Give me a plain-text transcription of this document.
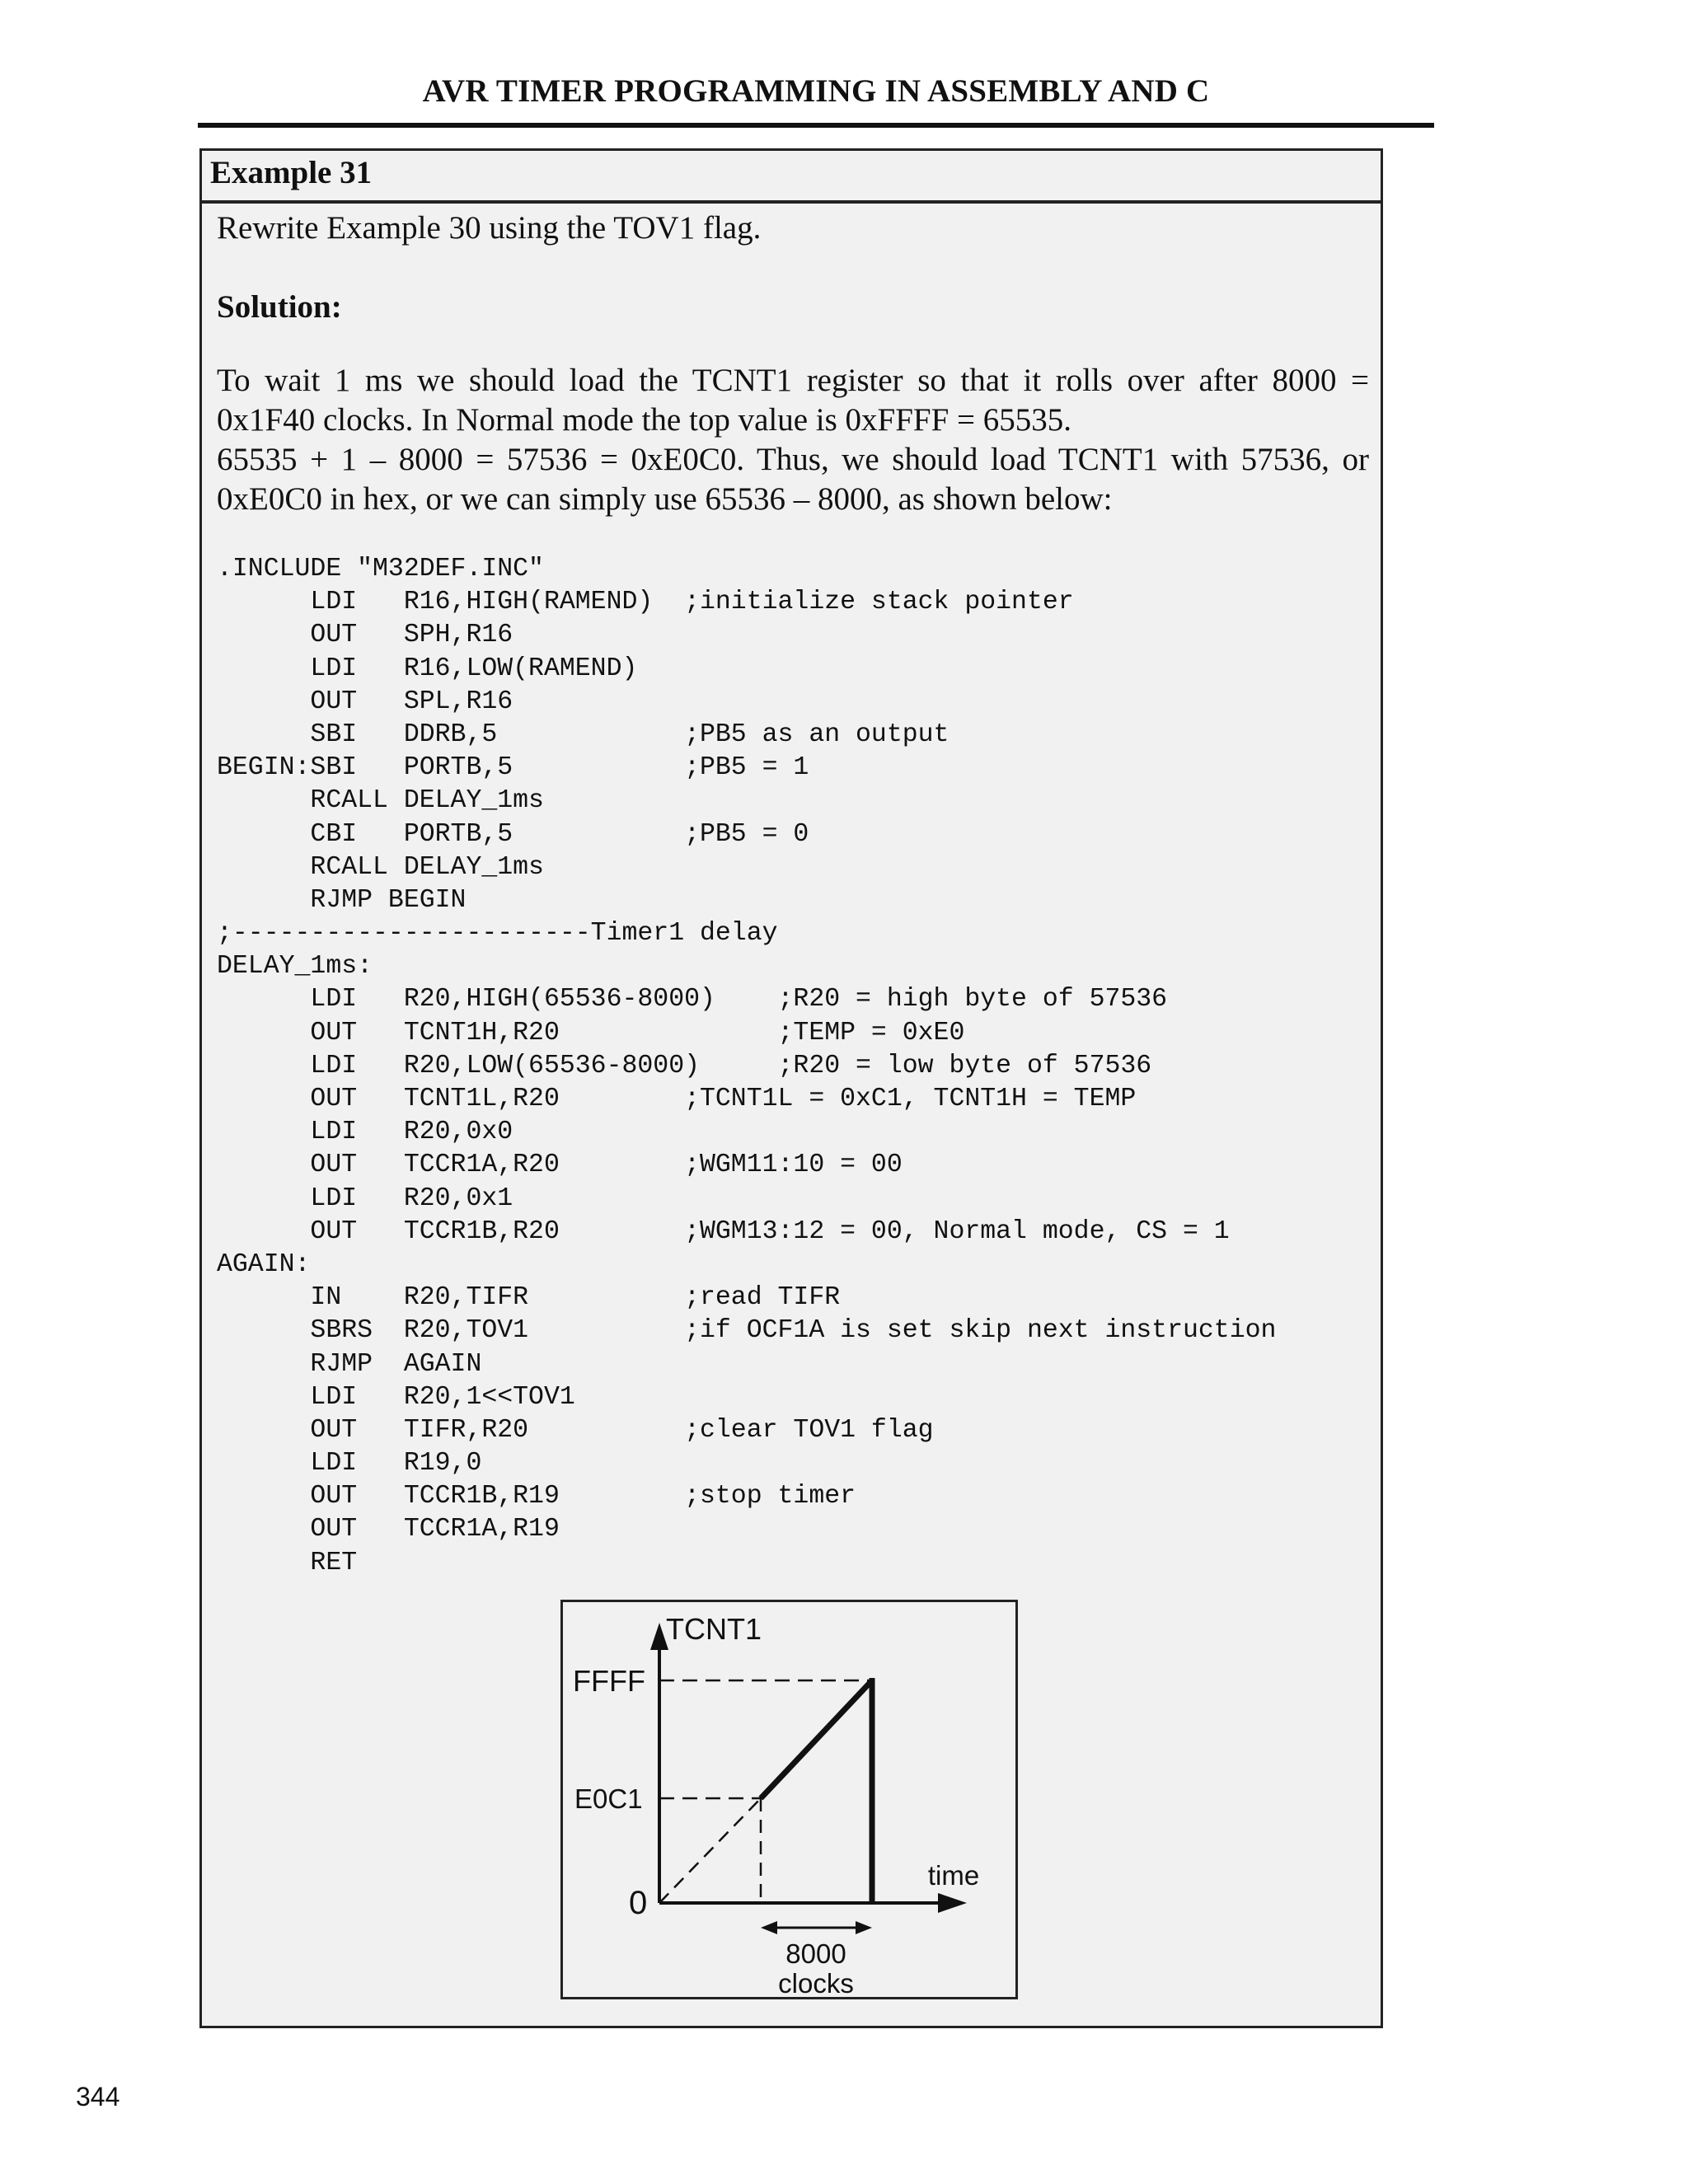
AVR TIMER PROGRAMMING IN ASSEMBLY AND C
Example 31
Rewrite Example 30 using the TOV1 flag.
Solution:
To wait 1 ms we should load the TCNT1 register so that it rolls over after 8000 =
0x1F40 clocks. In Normal mode the top value is 0xFFFF = 65535.
65535 + 1 – 8000 = 57536 = 0xE0C0. Thus, we should load TCNT1 with 57536, or
0xE0C0 in hex, or we can simply use 65536 – 8000, as shown below:
.INCLUDE "M32DEF.INC"
LDI   R16,HIGH(RAMEND)  ;initialize stack pointer
OUT   SPH,R16
LDI   R16,LOW(RAMEND)
OUT   SPL,R16
SBI   DDRB,5            ;PB5 as an output
BEGIN:SBI   PORTB,5           ;PB5 = 1
RCALL DELAY_1ms
CBI   PORTB,5           ;PB5 = 0
RCALL DELAY_1ms
RJMP BEGIN
;-----------------------Timer1 delay
DELAY_1ms:
LDI   R20,HIGH(65536-8000)    ;R20 = high byte of 57536
OUT   TCNT1H,R20              ;TEMP = 0xE0
LDI   R20,LOW(65536-8000)     ;R20 = low byte of 57536
OUT   TCNT1L,R20        ;TCNT1L = 0xC1, TCNT1H = TEMP
LDI   R20,0x0
OUT   TCCR1A,R20        ;WGM11:10 = 00
LDI   R20,0x1
OUT   TCCR1B,R20        ;WGM13:12 = 00, Normal mode, CS = 1
AGAIN:
IN    R20,TIFR          ;read TIFR
SBRS  R20,TOV1          ;if OCF1A is set skip next instruction
RJMP  AGAIN
LDI   R20,1<<TOV1
OUT   TIFR,R20          ;clear TOV1 flag
LDI   R19,0
OUT   TCCR1B,R19        ;stop timer
OUT   TCCR1A,R19
RET
TCNT1
FFFF
E0C1
0
time
8000
clocks
344
